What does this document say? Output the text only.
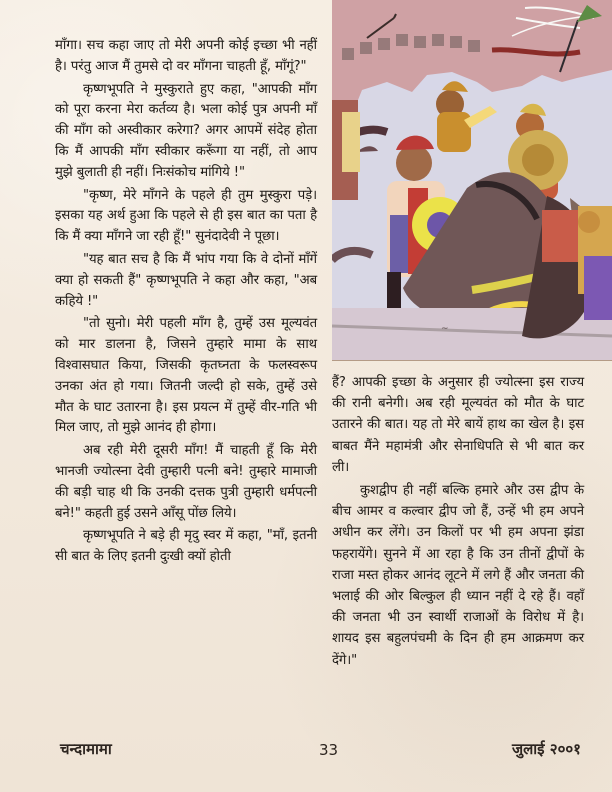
~

माँगा। सच कहा जाए तो मेरी अपनी कोई इच्छा भी नहीं है। परंतु आज मैं तुमसे दो वर माँगना चाहती हूँ, माँगूं?"

कृष्णभूपति ने मुस्कुराते हुए कहा, "आपकी माँग को पूरा करना मेरा कर्तव्य है। भला कोई पुत्र अपनी माँ की माँग को अस्वीकार करेगा? अगर आपमें संदेह होता कि मैं आपकी माँग स्वीकार करूँगा या नहीं, तो आप मुझे बुलाती ही नहीं। निःसंकोच मांगिये !"

"कृष्ण, मेरे माँगने के पहले ही तुम मुस्कुरा पड़े। इसका यह अर्थ हुआ कि पहले से ही इस बात का पता है कि मैं क्या माँगने जा रही हूँ!" सुनंदादेवी ने पूछा।

"यह बात सच है कि मैं भांप गया कि वे दोनों माँगें क्या हो सकती हैं" कृष्णभूपति ने कहा और कहा, "अब कहिये !"

"तो सुनो। मेरी पहली माँग है, तुम्हें उस मूल्यवंत को मार डालना है, जिसने तुम्हारे मामा के साथ विश्वासघात किया, जिसकी कृतघ्नता के फलस्वरूप उनका अंत हो गया। जितनी जल्दी हो सके, तुम्हें उसे मौत के घाट उतारना है। इस प्रयत्न में तुम्हें वीर-गति भी मिल जाए, तो मुझे आनंद ही होगा।

अब रही मेरी दूसरी माँग! मैं चाहती हूँ कि मेरी भानजी ज्योत्स्ना देवी तुम्हारी पत्नी बने! तुम्हारे मामाजी की बड़ी चाह थी कि उनकी दत्तक पुत्री तुम्हारी धर्मपत्नी बने!" कहती हुई उसने आँसू पोंछ लिये।

कृष्णभूपति ने बड़े ही मृदु स्वर में कहा, "माँ, इतनी सी बात के लिए इतनी दुःखी क्यों होती

हैं? आपकी इच्छा के अनुसार ही ज्योत्स्ना इस राज्य की रानी बनेगी। अब रही मूल्यवंत को मौत के घाट उतारने की बात। यह तो मेरे बायें हाथ का खेल है। इस बाबत मैंने महामंत्री और सेनाधिपति से भी बात कर ली।

कुशद्वीप ही नहीं बल्कि हमारे और उस द्वीप के बीच आमर व कल्वार द्वीप जो हैं, उन्हें भी हम अपने अधीन कर लेंगे। उन किलों पर भी हम अपना झंडा फहरायेंगे। सुनने में आ रहा है कि उन तीनों द्वीपों के राजा मस्त होकर आनंद लूटने में लगे हैं और जनता की भलाई की ओर बिल्कुल ही ध्यान नहीं दे रहे हैं। वहाँ की जनता भी उन स्वार्थी राजाओं के विरोध में है। शायद इस बहुलपंचमी के दिन ही हम आक्रमण कर देंगे।"

चन्दामामा	33	जुलाई २००१
